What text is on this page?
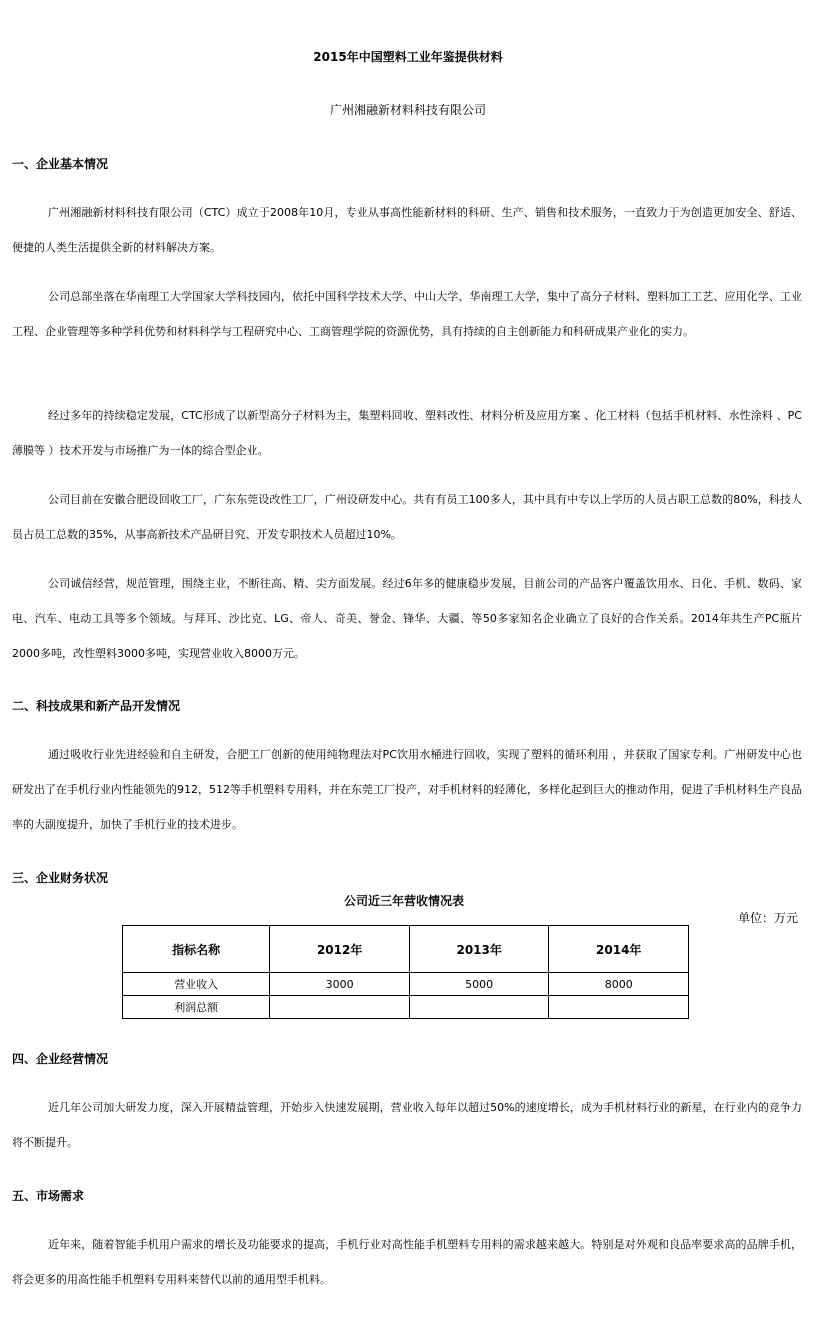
2015年中国塑料工业年鉴提供材料
广州湘融新材料科技有限公司
一、企业基本情况

广州湘融新材料科技有限公司（CTC）成立于2008年10月，专业从事高性能新材料的科研、生产、销售和技术服务，一直致力于为创造更加安全、舒适、便捷的人类生活提供全新的材料解决方案。

公司总部坐落在华南理工大学国家大学科技园内，依托中国科学技术大学、中山大学、华南理工大学，集中了高分子材料、塑料加工工艺、应用化学、工业工程、企业管理等多种学科优势和材料科学与工程研究中心、工商管理学院的资源优势，具有持续的自主创新能力和科研成果产业化的实力。

经过多年的持续稳定发展，CTC形成了以新型高分子材料为主，集塑料回收、塑料改性、材料分析及应用方案 、化工材料（包括手机材料、水性涂料 、PC薄膜等 ）技术开发与市场推广为一体的综合型企业。

公司目前在安徽合肥设回收工厂，广东东莞设改性工厂，广州设研发中心。共有有员工100多人，其中具有中专以上学历的人员占职工总数的80%，科技人员占员工总数的35%，从事高新技术产品研目究、开发专职技术人员超过10%。

公司诚信经营，规范管理，围绕主业，不断往高、精、尖方面发展。经过6年多的健康稳步发展，目前公司的产品客户覆盖饮用水、日化、手机、数码、家电、汽车、电动工具等多个领域。与拜耳、沙比克、LG、帝人、奇美、誉金、锋华、大疆、等50多家知名企业确立了良好的合作关系。2014年共生产PC瓶片2000多吨，改性塑料3000多吨，实现营业收入8000万元。

二、科技成果和新产品开发情况

通过吸收行业先进经验和自主研发，合肥工厂创新的使用纯物理法对PC饮用水桶进行回收，实现了塑料的循环利用 ，并获取了国家专利。广州研发中心也研发出了在手机行业内性能领先的912，512等手机塑料专用料，并在东莞工厂投产，对手机材料的轻薄化，多样化起到巨大的推动作用，促进了手机材料生产良品率的大副度提升，加快了手机行业的技术进步。

三、企业财务状况
公司近三年营收情况表
单位：万元
指标名称	2012年	2013年	2014年
营业收入	3000	5000	8000
利润总额			
四、企业经营情况

近几年公司加大研发力度，深入开展精益管理，开始步入快速发展期，营业收入每年以超过50%的速度增长，成为手机材料行业的新星，在行业内的竞争力将不断提升。

五、市场需求

近年来，随着智能手机用户需求的增长及功能要求的提高，手机行业对高性能手机塑料专用料的需求越来越大。特别是对外观和良品率要求高的品牌手机，将会更多的用高性能手机塑料专用料来替代以前的通用型手机料。
